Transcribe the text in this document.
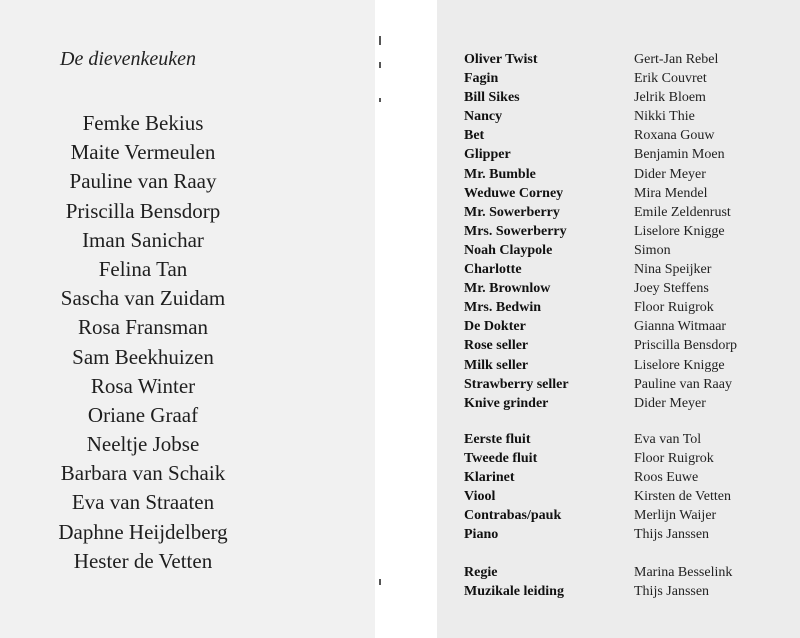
De dievenkeuken
Femke Bekius
Maite Vermeulen
Pauline van Raay
Priscilla Bensdorp
Iman Sanichar
Felina Tan
Sascha van Zuidam
Rosa Fransman
Sam Beekhuizen
Rosa Winter
Oriane Graaf
Neeltje Jobse
Barbara van Schaik
Eva van Straaten
Daphne Heijdelberg
Hester de Vetten
Oliver Twist	Gert-Jan Rebel
Fagin	Erik Couvret
Bill Sikes	Jelrik Bloem
Nancy	Nikki Thie
Bet	Roxana Gouw
Glipper	Benjamin Moen
Mr. Bumble	Dider Meyer
Weduwe Corney	Mira Mendel
Mr. Sowerberry	Emile Zeldenrust
Mrs. Sowerberry	Liselore Knigge
Noah Claypole	Simon
Charlotte	Nina Speijker
Mr. Brownlow	Joey Steffens
Mrs. Bedwin	Floor Ruigrok
De Dokter	Gianna Witmaar
Rose seller	Priscilla Bensdorp
Milk seller	Liselore Knigge
Strawberry seller	Pauline van Raay
Knive grinder	Dider Meyer
Eerste fluit	Eva van Tol
Tweede fluit	Floor Ruigrok
Klarinet	Roos Euwe
Viool	Kirsten de Vetten
Contrabas/pauk	Merlijn Waijer
Piano	Thijs Janssen
Regie	Marina Besselink
Muzikale leiding	Thijs Janssen
